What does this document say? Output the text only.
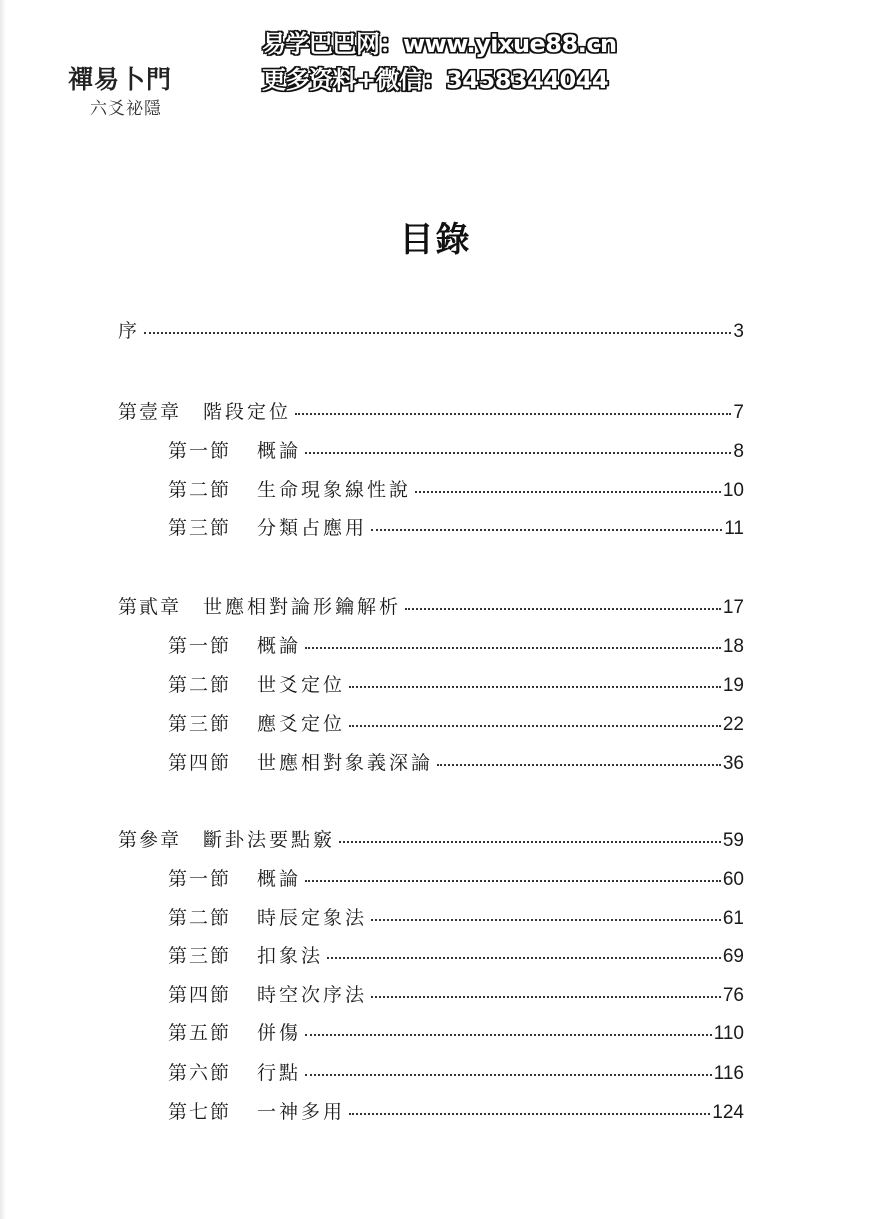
禪易卜門
六爻祕隱
易学巴巴网：www.yixue88.cn
更多资料+微信：3458344044
目錄
序	3
第壹章 階段定位	7
第一節 概論	8
第二節 生命現象線性說	10
第三節 分類占應用	11
第貳章 世應相對論形鑰解析	17
第一節 概論	18
第二節 世爻定位	19
第三節 應爻定位	22
第四節 世應相對象義深論	36
第參章 斷卦法要點竅	59
第一節 概論	60
第二節 時辰定象法	61
第三節 扣象法	69
第四節 時空次序法	76
第五節 併傷	110
第六節 行點	116
第七節 一神多用	124
